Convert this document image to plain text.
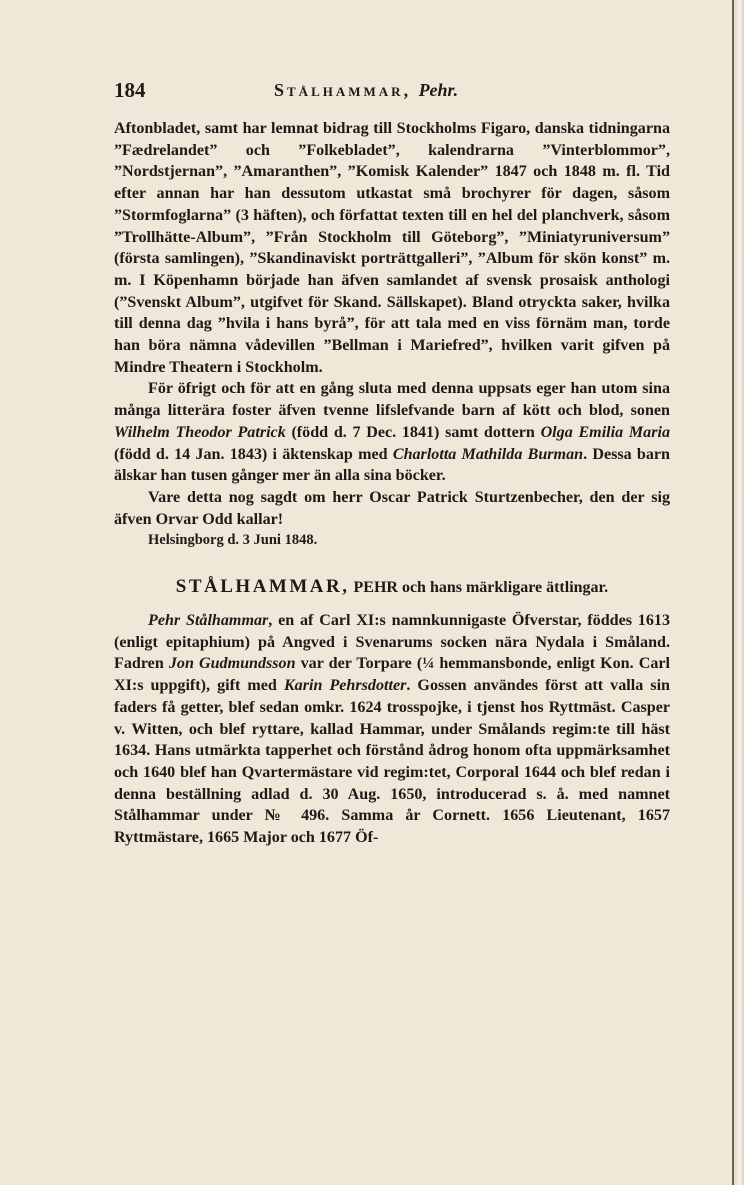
184	STÅLHAMMAR, Pehr.

Aftonbladet, samt har lemnat bidrag till Stockholms Figaro, danska tidningarna ”Fædrelandet” och ”Folkebladet”, kalendrarna ”Vinterblommor”, ”Nordstjernan”, ”Amaranthen”, ”Komisk Kalender” 1847 och 1848 m. fl. Tid efter annan har han dessutom utkastat små brochyrer för dagen, såsom ”Stormfoglarna” (3 häften), och författat texten till en hel del planchverk, såsom ”Trollhätte-Album”, ”Från Stockholm till Göteborg”, ”Miniatyruniversum” (första samlingen), ”Skandinaviskt porträttgalleri”, ”Album för skön konst” m. m. I Köpenhamn började han äfven samlandet af svensk prosaisk anthologi (”Svenskt Album”, utgifvet för Skand. Sällskapet). Bland otryckta saker, hvilka till denna dag ”hvila i hans byrå”, för att tala med en viss förnäm man, torde han böra nämna vådevillen ”Bellman i Mariefred”, hvilken varit gifven på Mindre Theatern i Stockholm.

För öfrigt och för att en gång sluta med denna uppsats eger han utom sina många litterära foster äfven tvenne lifslefvande barn af kött och blod, sonen Wilhelm Theodor Patrick (född d. 7 Dec. 1841) samt dottern Olga Emilia Maria (född d. 14 Jan. 1843) i äktenskap med Charlotta Mathilda Burman. Dessa barn älskar han tusen gånger mer än alla sina böcker.

Vare detta nog sagdt om herr Oscar Patrick Sturtzenbecher, den der sig äfven Orvar Odd kallar!

Helsingborg d. 3 Juni 1848.

STÅLHAMMAR, PEHR och hans märkligare ättlingar.

Pehr Stålhammar, en af Carl XI:s namnkunnigaste Öfverstar, föddes 1613 (enligt epitaphium) på Angved i Svenarums socken nära Nydala i Småland. Fadren Jon Gudmundsson var der Torpare (¼ hemmansbonde, enligt Kon. Carl XI:s uppgift), gift med Karin Pehrsdotter. Gossen användes först att valla sin faders få getter, blef sedan omkr. 1624 trosspojke, i tjenst hos Ryttmäst. Casper v. Witten, och blef ryttare, kallad Hammar, under Smålands regim:te till häst 1634. Hans utmärkta tapperhet och förstånd ådrog honom ofta uppmärksamhet och 1640 blef han Qvartermästare vid regim:tet, Corporal 1644 och blef redan i denna beställning adlad d. 30 Aug. 1650, introducerad s. å. med namnet Stålhammar under № 496. Samma år Cornett. 1656 Lieutenant, 1657 Ryttmästare, 1665 Major och 1677 Öf-
